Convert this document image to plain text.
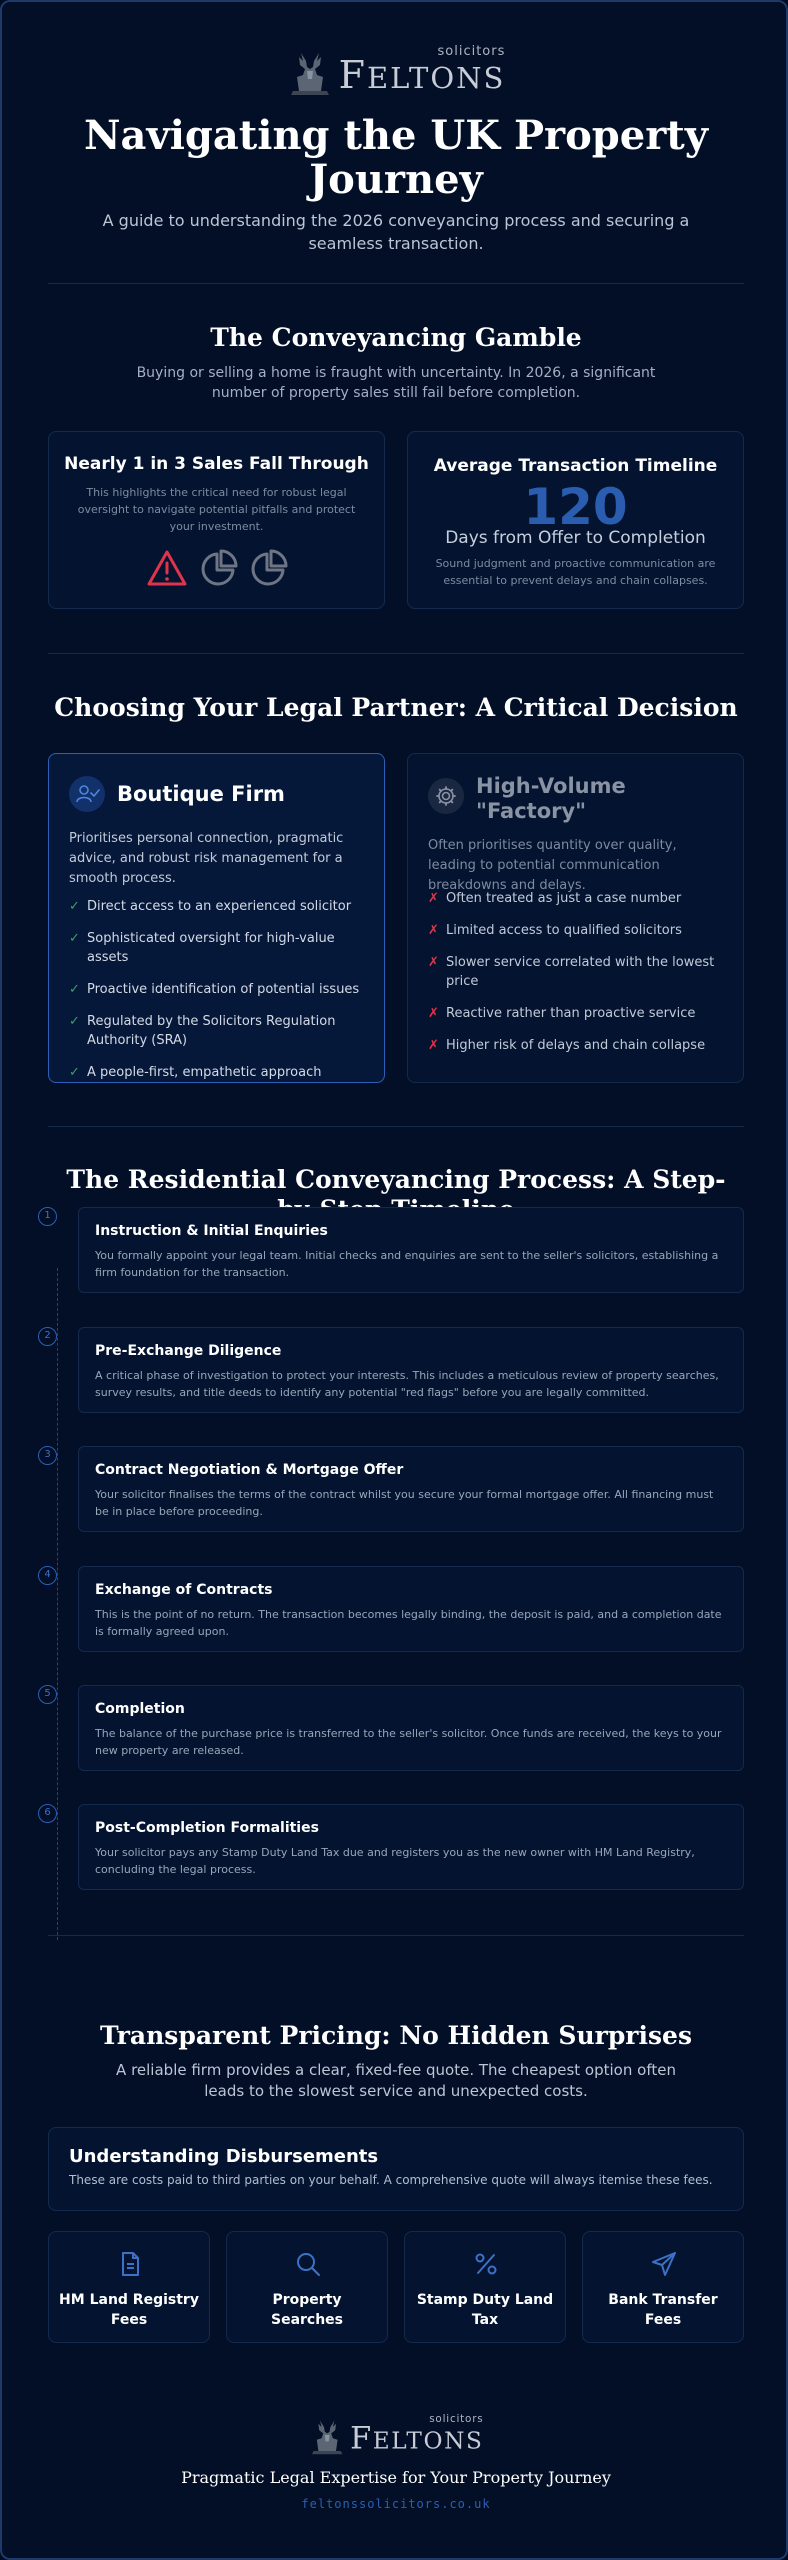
solicitors
FELTONS
Navigating the UK Property Journey
A guide to understanding the 2026 conveyancing process and securing a seamless transaction.
The Conveyancing Gamble
Buying or selling a home is fraught with uncertainty. In 2026, a significant number of property sales still fail before completion.
Nearly 1 in 3 Sales Fall Through
This highlights the critical need for robust legal oversight to navigate potential pitfalls and protect your investment.
Average Transaction Timeline
120
Days from Offer to Completion
Sound judgment and proactive communication are essential to prevent delays and chain collapses.
Choosing Your Legal Partner: A Critical Decision
Boutique Firm
Prioritises personal connection, pragmatic advice, and robust risk management for a smooth process.
✓ Direct access to an experienced solicitor
✓ Sophisticated oversight for high-value assets
✓ Proactive identification of potential issues
✓ Regulated by the Solicitors Regulation Authority (SRA)
✓ A people-first, empathetic approach
High-Volume "Factory"
Often prioritises quantity over quality, leading to potential communication breakdowns and delays.
✗ Often treated as just a case number
✗ Limited access to qualified solicitors
✗ Slower service correlated with the lowest price
✗ Reactive rather than proactive service
✗ Higher risk of delays and chain collapse
The Residential Conveyancing Process: A Step-
1
Instruction & Initial Enquiries
You formally appoint your legal team. Initial checks and enquiries are sent to the seller's solicitors, establishing a firm foundation for the transaction.
2
Pre-Exchange Diligence
A critical phase of investigation to protect your interests. This includes a meticulous review of property searches, survey results, and title deeds to identify any potential "red flags" before you are legally committed.
3
Contract Negotiation & Mortgage Offer
Your solicitor finalises the terms of the contract whilst you secure your formal mortgage offer. All financing must be in place before proceeding.
4
Exchange of Contracts
This is the point of no return. The transaction becomes legally binding, the deposit is paid, and a completion date is formally agreed upon.
5
Completion
The balance of the purchase price is transferred to the seller's solicitor. Once funds are received, the keys to your new property are released.
6
Post-Completion Formalities
Your solicitor pays any Stamp Duty Land Tax due and registers you as the new owner with HM Land Registry, concluding the legal process.
Transparent Pricing: No Hidden Surprises
A reliable firm provides a clear, fixed-fee quote. The cheapest option often leads to the slowest service and unexpected costs.
Understanding Disbursements
These are costs paid to third parties on your behalf. A comprehensive quote will always itemise these fees.
HM Land Registry Fees
Property Searches
Stamp Duty Land Tax
Bank Transfer Fees
solicitors
FELTONS
Pragmatic Legal Expertise for Your Property Journey
feltonssolicitors.co.uk
